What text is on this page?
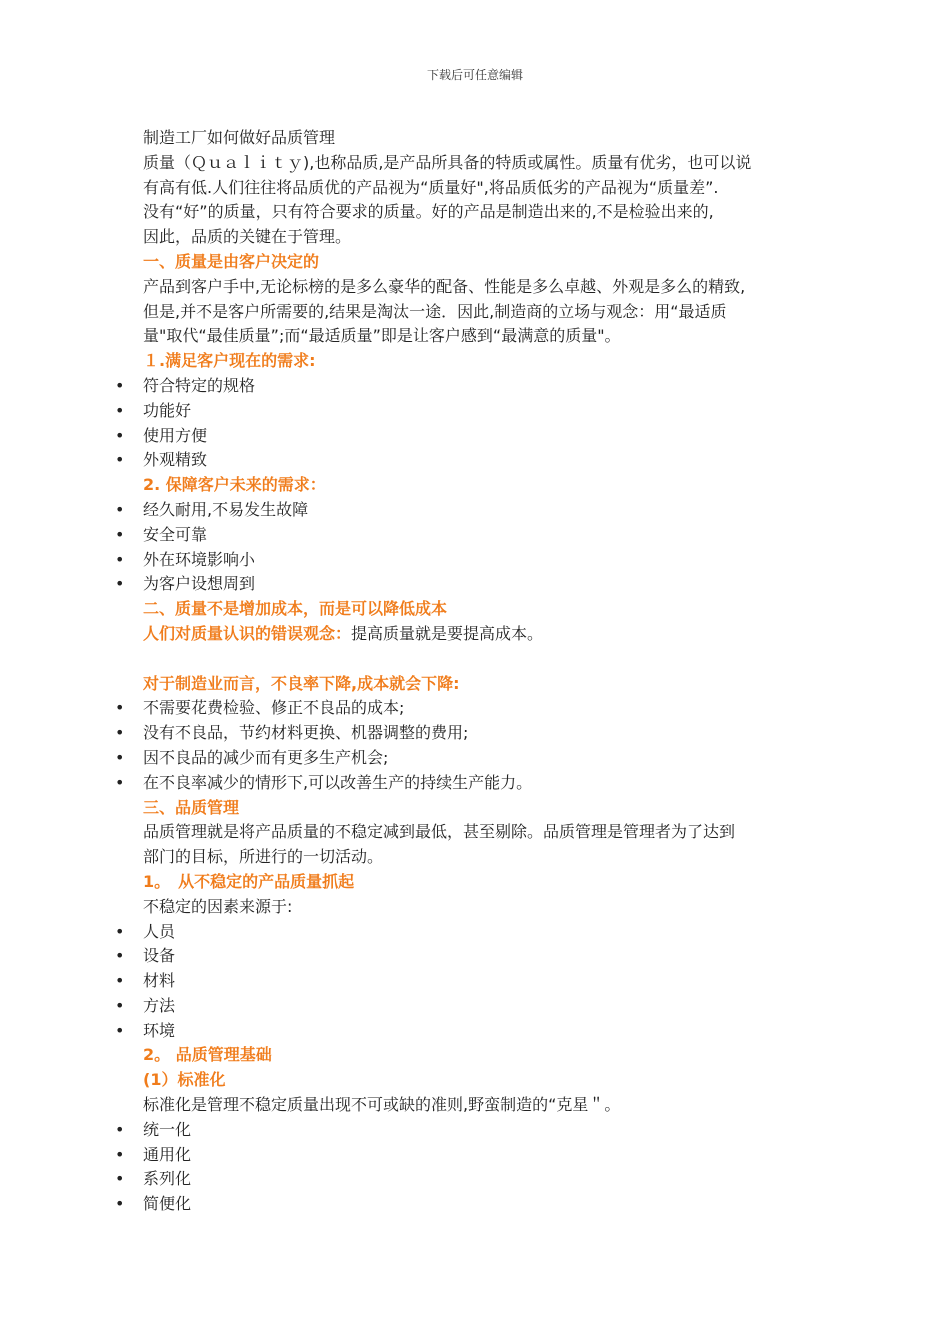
下载后可任意编辑
制造工厂如何做好品质管理
质量（Ｑｕａｌｉｔｙ),也称品质,是产品所具备的特质或属性。质量有优劣，也可以说
有高有低.人们往往将品质优的产品视为“质量好",将品质低劣的产品视为“质量差”.
没有“好”的质量，只有符合要求的质量。好的产品是制造出来的,不是检验出来的,
因此，品质的关键在于管理。
一、质量是由客户决定的
产品到客户手中,无论标榜的是多么豪华的配备、性能是多么卓越、外观是多么的精致,
但是,并不是客户所需要的,结果是淘汰一途．因此,制造商的立场与观念：用“最适质
量"取代“最佳质量”;而“最适质量”即是让客户感到“最满意的质量"。
１.满足客户现在的需求:
• 符合特定的规格
• 功能好
• 使用方便
• 外观精致
2. 保障客户未来的需求：
• 经久耐用,不易发生故障
• 安全可靠
• 外在环境影响小
• 为客户设想周到
二、质量不是增加成本，而是可以降低成本
人们对质量认识的错误观念：提高质量就是要提高成本。
对于制造业而言，不良率下降,成本就会下降:
• 不需要花费检验、修正不良品的成本;
• 没有不良品，节约材料更换、机器调整的费用;
• 因不良品的减少而有更多生产机会;
• 在不良率减少的情形下,可以改善生产的持续生产能力。
三、品质管理
品质管理就是将产品质量的不稳定减到最低，甚至剔除。品质管理是管理者为了达到
部门的目标，所进行的一切活动。
1。　从不稳定的产品质量抓起
不稳定的因素来源于:
• 人员
• 设备
• 材料
• 方法
• 环境
2。 品质管理基础
(1）标准化
标准化是管理不稳定质量出现不可或缺的准则,野蛮制造的“克星＂。
• 统一化
• 通用化
• 系列化
• 简便化
